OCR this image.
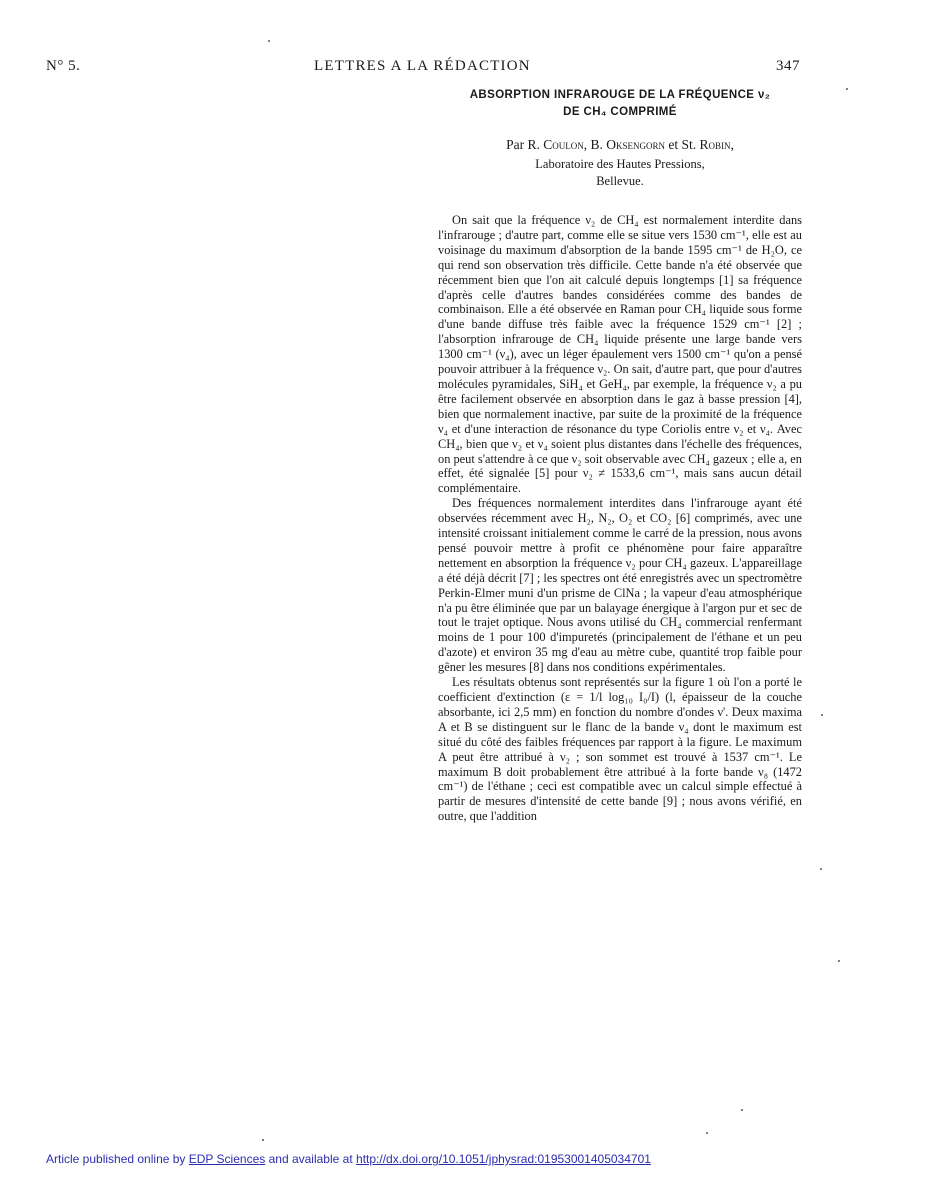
N° 5.	LETTRES A LA RÉDACTION	347
ABSORPTION INFRAROUGE DE LA FRÉQUENCE ν₂
DE CH₄ COMPRIMÉ
Par R. Coulon, B. Oksengorn et St. Robin,
Laboratoire des Hautes Pressions,
Bellevue.

On sait que la fréquence ν₂ de CH₄ est normalement interdite dans l'infrarouge ; d'autre part, comme elle se situe vers 1530 cm⁻¹, elle est au voisinage du maximum d'absorption de la bande 1595 cm⁻¹ de H₂O, ce qui rend son observation très difficile. Cette bande n'a été observée que récemment bien que l'on ait calculé depuis longtemps [1] sa fréquence d'après celle d'autres bandes considérées comme des bandes de combinaison. Elle a été observée en Raman pour CH₄ liquide sous forme d'une bande diffuse très faible avec la fréquence 1529 cm⁻¹ [2] ; l'absorption infrarouge de CH₄ liquide présente une large bande vers 1300 cm⁻¹ (ν₄), avec un léger épaulement vers 1500 cm⁻¹ qu'on a pensé pouvoir attribuer à la fréquence ν₂. On sait, d'autre part, que pour d'autres molécules pyramidales, SiH₄ et GeH₄, par exemple, la fréquence ν₂ a pu être facilement observée en absorption dans le gaz à basse pression [4], bien que normalement inactive, par suite de la proximité de la fréquence ν₄ et d'une interaction de résonance du type Coriolis entre ν₂ et ν₄. Avec CH₄, bien que ν₂ et ν₄ soient plus distantes dans l'échelle des fréquences, on peut s'attendre à ce que ν₂ soit observable avec CH₄ gazeux ; elle a, en effet, été signalée [5] pour ν₂ ≠ 1533,6 cm⁻¹, mais sans aucun détail complémentaire.

Des fréquences normalement interdites dans l'infrarouge ayant été observées récemment avec H₂, N₂, O₂ et CO₂ [6] comprimés, avec une intensité croissant initialement comme le carré de la pression, nous avons pensé pouvoir mettre à profit ce phénomène pour faire apparaître nettement en absorption la fréquence ν₂ pour CH₄ gazeux. L'appareillage a été déjà décrit [7] ; les spectres ont été enregistrés avec un spectromètre Perkin-Elmer muni d'un prisme de ClNa ; la vapeur d'eau atmosphérique n'a pu être éliminée que par un balayage énergique à l'argon pur et sec de tout le trajet optique. Nous avons utilisé du CH₄ commercial renfermant moins de 1 pour 100 d'impuretés (principalement de l'éthane et un peu d'azote) et environ 35 mg d'eau au mètre cube, quantité trop faible pour gêner les mesures [8] dans nos conditions expérimentales.

Les résultats obtenus sont représentés sur la figure 1 où l'on a porté le coefficient d'extinction (ε = 1/l log₁₀ I₀/I) (l, épaisseur de la couche absorbante, ici 2,5 mm) en fonction du nombre d'ondes ν'. Deux maxima A et B se distinguent sur le flanc de la bande ν₄ dont le maximum est situé du côté des faibles fréquences par rapport à la figure. Le maximum A peut être attribué à ν₂ ; son sommet est trouvé à 1537 cm⁻¹. Le maximum B doit probablement être attribué à la forte bande ν₈ (1472 cm⁻¹) de l'éthane ; ceci est compatible avec un calcul simple effectué à partir de mesures d'intensité de cette bande [9] ; nous avons vérifié, en outre, que l'addition

Article published online by EDP Sciences and available at http://dx.doi.org/10.1051/jphysrad:01953001405034701
